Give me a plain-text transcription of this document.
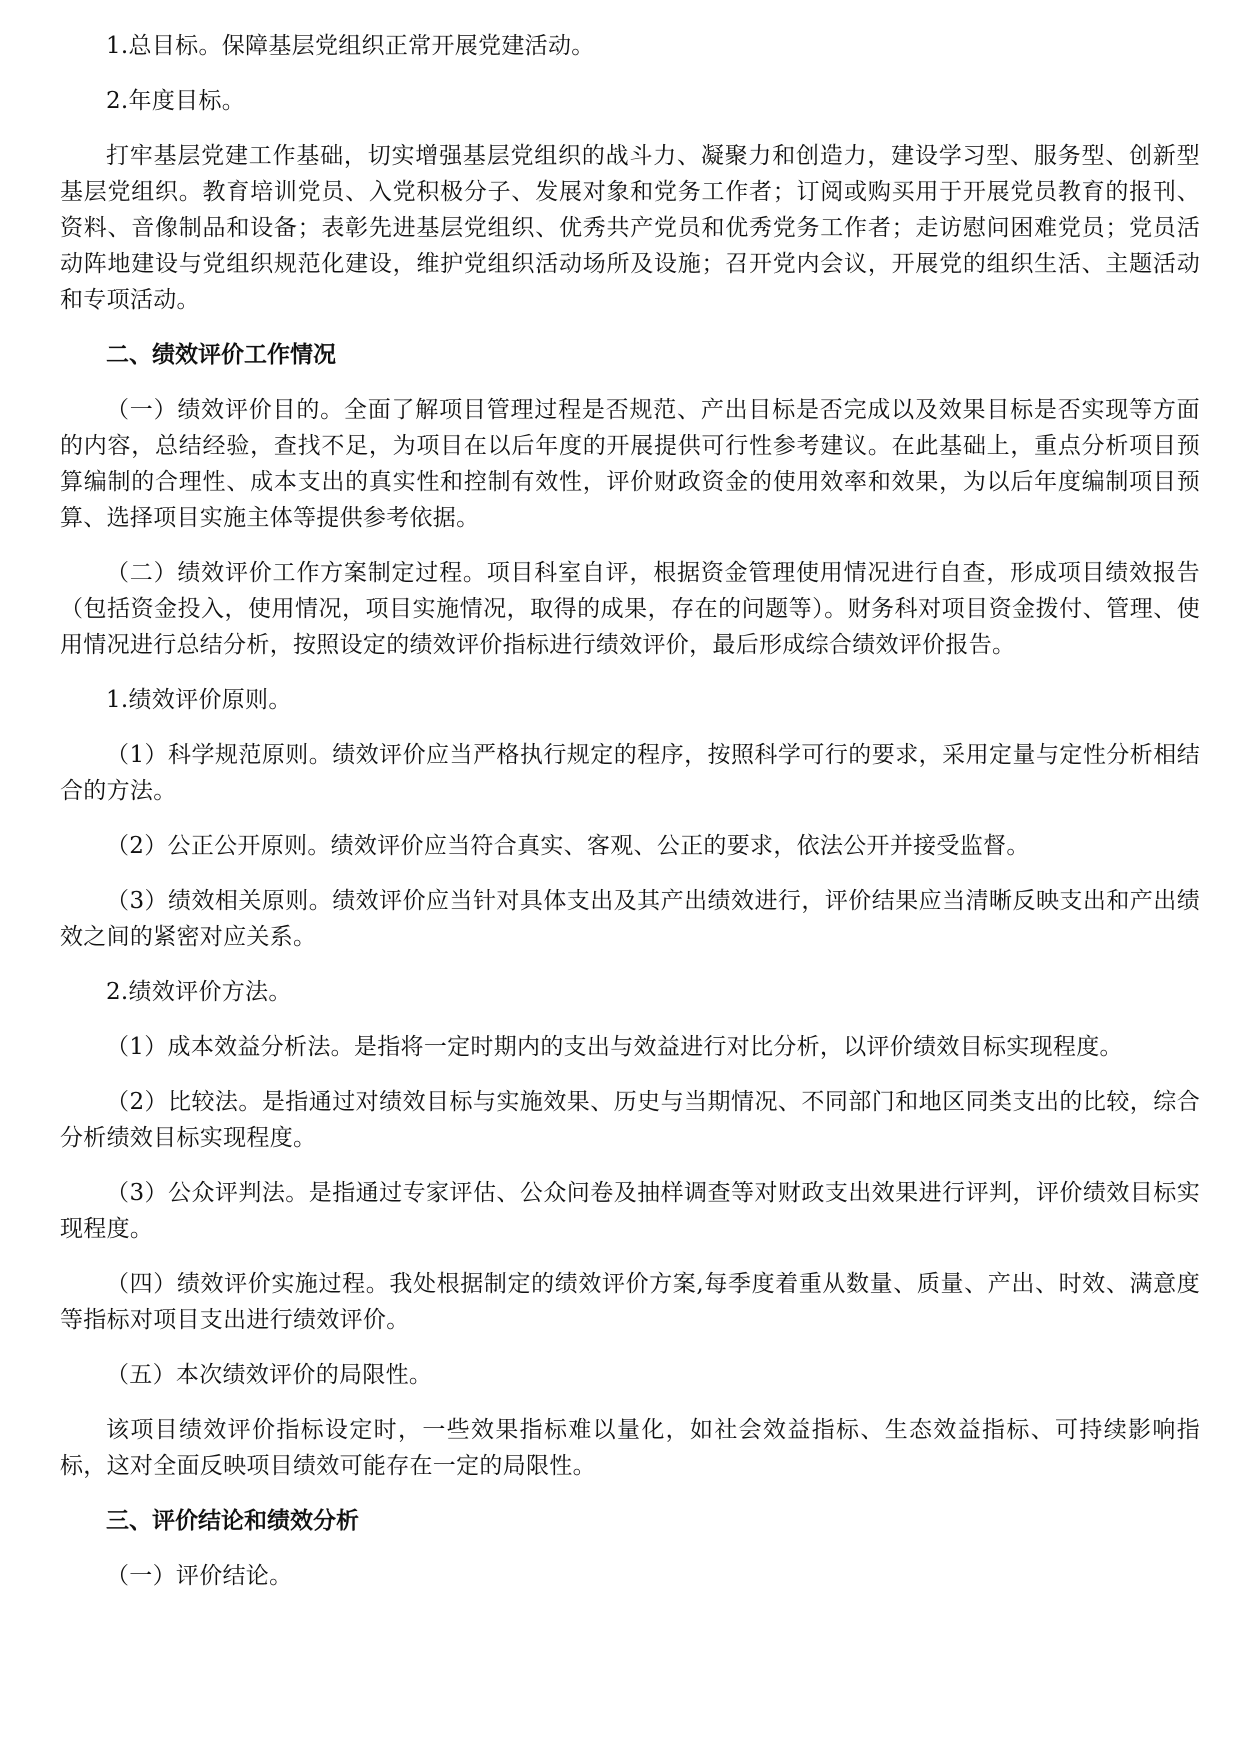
1.总目标。保障基层党组织正常开展党建活动。

2.年度目标。

打牢基层党建工作基础，切实增强基层党组织的战斗力、凝聚力和创造力，建设学习型、服务型、创新型基层党组织。教育培训党员、入党积极分子、发展对象和党务工作者；订阅或购买用于开展党员教育的报刊、资料、音像制品和设备；表彰先进基层党组织、优秀共产党员和优秀党务工作者；走访慰问困难党员；党员活动阵地建设与党组织规范化建设，维护党组织活动场所及设施；召开党内会议，开展党的组织生活、主题活动和专项活动。

二、绩效评价工作情况

（一）绩效评价目的。全面了解项目管理过程是否规范、产出目标是否完成以及效果目标是否实现等方面的内容，总结经验，查找不足，为项目在以后年度的开展提供可行性参考建议。在此基础上，重点分析项目预算编制的合理性、成本支出的真实性和控制有效性，评价财政资金的使用效率和效果，为以后年度编制项目预算、选择项目实施主体等提供参考依据。

（二）绩效评价工作方案制定过程。项目科室自评，根据资金管理使用情况进行自查，形成项目绩效报告（包括资金投入，使用情况，项目实施情况，取得的成果，存在的问题等）。财务科对项目资金拨付、管理、使用情况进行总结分析，按照设定的绩效评价指标进行绩效评价，最后形成综合绩效评价报告。

1.绩效评价原则。

（1）科学规范原则。绩效评价应当严格执行规定的程序，按照科学可行的要求，采用定量与定性分析相结合的方法。

（2）公正公开原则。绩效评价应当符合真实、客观、公正的要求，依法公开并接受监督。

（3）绩效相关原则。绩效评价应当针对具体支出及其产出绩效进行，评价结果应当清晰反映支出和产出绩效之间的紧密对应关系。

2.绩效评价方法。

（1）成本效益分析法。是指将一定时期内的支出与效益进行对比分析，以评价绩效目标实现程度。

（2）比较法。是指通过对绩效目标与实施效果、历史与当期情况、不同部门和地区同类支出的比较，综合分析绩效目标实现程度。

（3）公众评判法。是指通过专家评估、公众问卷及抽样调查等对财政支出效果进行评判，评价绩效目标实现程度。

（四）绩效评价实施过程。我处根据制定的绩效评价方案,每季度着重从数量、质量、产出、时效、满意度等指标对项目支出进行绩效评价。

（五）本次绩效评价的局限性。

该项目绩效评价指标设定时，一些效果指标难以量化，如社会效益指标、生态效益指标、可持续影响指标，这对全面反映项目绩效可能存在一定的局限性。

三、评价结论和绩效分析

（一）评价结论。
